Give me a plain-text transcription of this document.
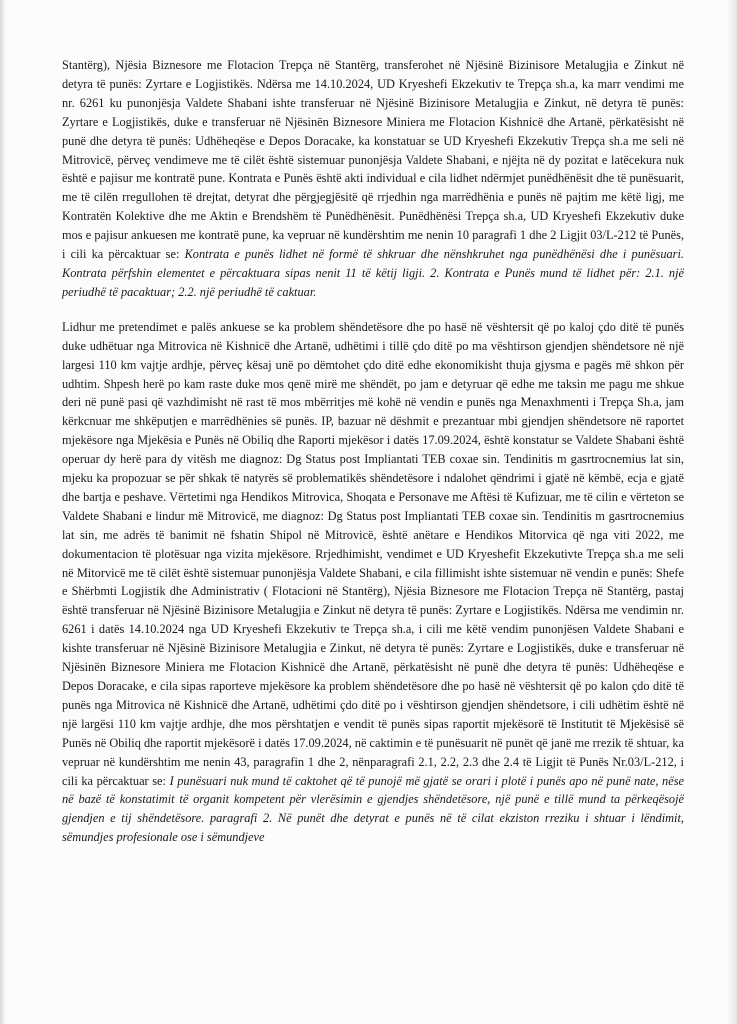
Stantërg), Njësia Biznesore me Flotacion Trepça në Stantërg, transferohet në Njësinë Bizinisore Metalugjia e Zinkut në detyra të punës: Zyrtare e Logjistikës. Ndërsa me 14.10.2024, UD Kryeshefi Ekzekutiv te Trepça sh.a, ka marr vendimi me nr. 6261 ku punonjësja Valdete Shabani ishte transferuar në Njësinë Bizinisore Metalugjia e Zinkut, në detyra të punës: Zyrtare e Logjistikës, duke e transferuar në Njësinën Biznesore Miniera me Flotacion Kishnicë dhe Artanë, përkatësisht në punë dhe detyra të punës: Udhëheqëse e Depos Doracake, ka konstatuar se UD Kryeshefi Ekzekutiv Trepça sh.a me seli në Mitrovicë, përveç vendimeve me të cilët është sistemuar punonjësja Valdete Shabani, e njëjta në dy pozitat e latëcekura nuk është e pajisur me kontratë pune. Kontrata e Punës është akti individual e cila lidhet ndërmjet punëdhënësit dhe të punësuarit, me të cilën rregullohen të drejtat, detyrat dhe përgjegjësitë që rrjedhin nga marrëdhënia e punës në pajtim me këtë ligj, me Kontratën Kolektive dhe me Aktin e Brendshëm të Punëdhënësit. Punëdhënësi Trepça sh.a, UD Kryeshefi Ekzekutiv duke mos e pajisur ankuesen me kontratë pune, ka vepruar në kundërshtim me nenin 10 paragrafi 1 dhe 2 Ligjit 03/L-212 të Punës, i cili ka përcaktuar se: Kontrata e punës lidhet në formë të shkruar dhe nënshkruhet nga punëdhënësi dhe i punësuari. Kontrata përfshin elementet e përcaktuara sipas nenit 11 të këtij ligji. 2. Kontrata e Punës mund të lidhet për: 2.1. një periudhë të pacaktuar; 2.2. një periudhë të caktuar.

Lidhur me pretendimet e palës ankuese se ka problem shëndetësore dhe po hasë në vështersit që po kaloj çdo ditë të punës duke udhëtuar nga Mitrovica në Kishnicë dhe Artanë, udhëtimi i tillë çdo ditë po ma vështirson gjendjen shëndetsore në një largesi 110 km vajtje ardhje, përveç kësaj unë po dëmtohet çdo ditë edhe ekonomikisht thuja gjysma e pagës më shkon për udhtim. Shpesh herë po kam raste duke mos qenë mirë me shëndët, po jam e detyruar që edhe me taksin me pagu me shkue deri në punë pasi që vazhdimisht në rast të mos mbërritjes më kohë në vendin e punës nga Menaxhmenti i Trepça Sh.a, jam kërkcnuar me shkëputjen e marrëdhënies së punës. IP, bazuar në dëshmit e prezantuar mbi gjendjen shëndetsore në raportet mjekësore nga Mjekësia e Punës në Obiliq dhe Raporti mjekësor i datës 17.09.2024, është konstatur se Valdete Shabani është operuar dy herë para dy vitësh me diagnoz: Dg Status post Impliantati TEB coxae sin. Tendinitis m gasrtrocnemius lat sin, mjeku ka propozuar se për shkak të natyrës së problematikës shëndetësore i ndalohet qëndrimi i gjatë në këmbë, ecja e gjatë dhe bartja e peshave. Vërtetimi nga Hendikos Mitrovica, Shoqata e Personave me Aftësi të Kufizuar, me të cilin e vërteton se Valdete Shabani e lindur më Mitrovicë, me diagnoz: Dg Status post Impliantati TEB coxae sin. Tendinitis m gasrtrocnemius lat sin, me adrës të banimit në fshatin Shipol në Mitrovicë, është anëtare e Hendikos Mitorvica që nga viti 2022, me dokumentacion të plotësuar nga vizita mjekësore. Rrjedhimisht, vendimet e UD Kryeshefit Ekzekutivte Trepça sh.a me seli në Mitorvicë me të cilët është sistemuar punonjësja Valdete Shabani, e cila fillimisht ishte sistemuar në vendin e punës: Shefe e Shërbmti Logjistik dhe Administrativ ( Flotacioni në Stantërg), Njësia Biznesore me Flotacion Trepça në Stantërg, pastaj është transferuar në Njësinë Bizinisore Metalugjia e Zinkut në detyra të punës: Zyrtare e Logjistikës. Ndërsa me vendimin nr. 6261 i datës 14.10.2024 nga UD Kryeshefi Ekzekutiv te Trepça sh.a, i cili me këtë vendim punonjësen Valdete Shabani e kishte transferuar në Njësinë Bizinisore Metalugjia e Zinkut, në detyra të punës: Zyrtare e Logjistikës, duke e transferuar në Njësinën Biznesore Miniera me Flotacion Kishnicë dhe Artanë, përkatësisht në punë dhe detyra të punës: Udhëheqëse e Depos Doracake, e cila sipas raporteve mjekësore ka problem shëndetësore dhe po hasë në vështersit që po kalon çdo ditë të punës nga Mitrovica në Kishnicë dhe Artanë, udhëtimi çdo ditë po i vështirson gjendjen shëndetsore, i cili udhëtim është në një largësi 110 km vajtje ardhje, dhe mos përshtatjen e vendit të punës sipas raportit mjekësorë të Institutit të Mjekësisë së Punës në Obiliq dhe raportit mjekësorë i datës 17.09.2024, në caktimin e të punësuarit në punët që janë me rrezik të shtuar, ka vepruar në kundërshtim me nenin 43, paragrafin 1 dhe 2, nënparagrafi 2.1, 2.2, 2.3 dhe 2.4 të Ligjit të Punës Nr.03/L-212, i cili ka përcaktuar se: I punësuari nuk mund të caktohet që të punojë më gjatë se orari i plotë i punës apo në punë nate, nëse në bazë të konstatimit të organit kompetent për vlerësimin e gjendjes shëndetësore, një punë e tillë mund ta përkeqësojë gjendjen e tij shëndetësore. paragrafi 2. Në punët dhe detyrat e punës në të cilat ekziston rreziku i shtuar i lëndimit, sëmundjes profesionale ose i sëmundjeve
